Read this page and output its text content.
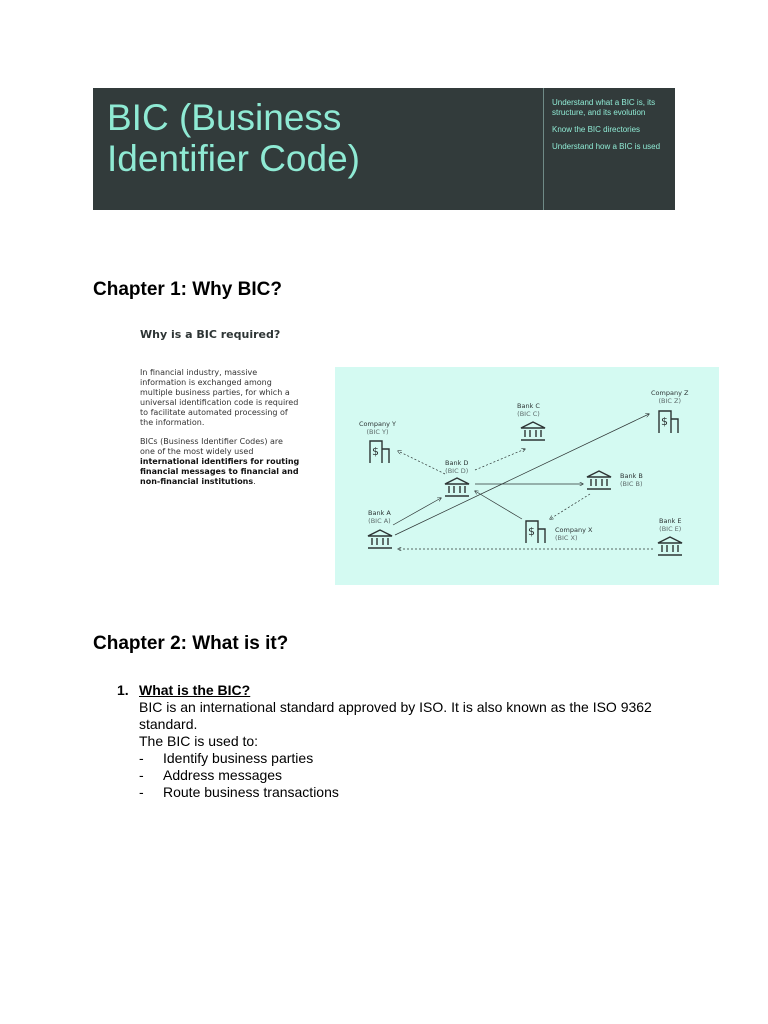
BIC (Business
Identifier Code)
Understand what a BIC is, its structure, and its evolution
Know the BIC directories
Understand how a BIC is used
Chapter 1: Why BIC?
Why is a BIC required?
In financial industry, massive information is exchanged among multiple business parties, for which a universal identification code is required to facilitate automated processing of the information.
BICs (Business Identifier Codes) are one of the most widely used international identifiers for routing financial messages to financial and non-financial institutions.
Company Y
(BIC Y)
$
Bank C
(BIC C)
Company Z
(BIC Z)
$
Bank D
(BIC D)
Bank B
(BIC B)
Bank A
(BIC A)
$	Company X
(BIC X)
Bank E
(BIC E)
Chapter 2: What is it?
1. What is the BIC?
BIC is an international standard approved by ISO. It is also known as the ISO 9362
standard.
The BIC is used to:
- Identify business parties
- Address messages
- Route business transactions
